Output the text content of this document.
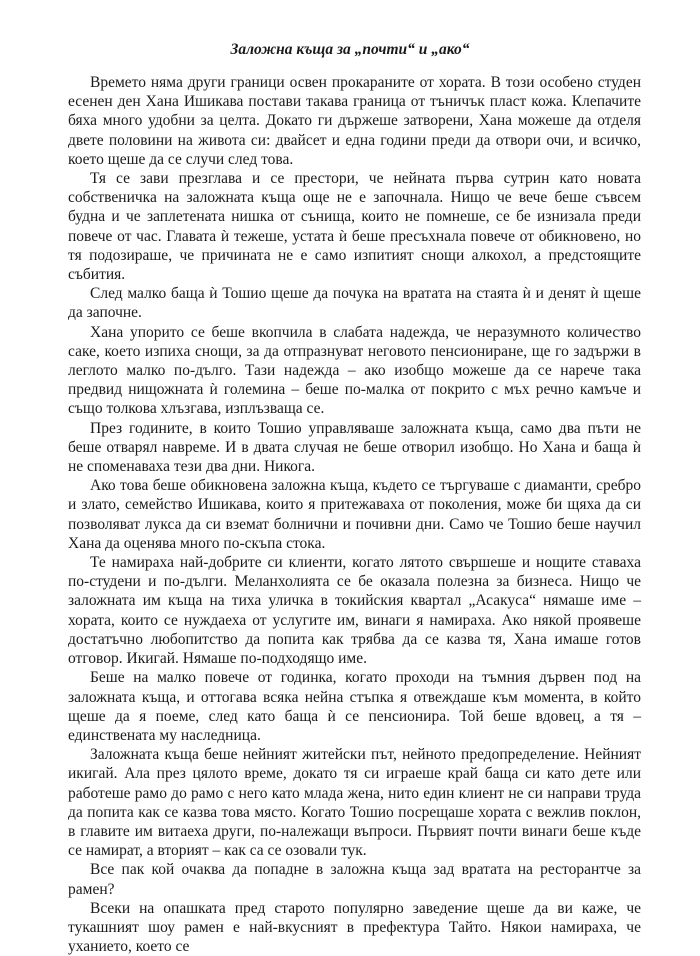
Заложна къща за „почти“ и „ако“

Времето няма други граници освен прокараните от хората. В този особено студен есенен ден Хана Ишикава постави такава граница от тъничък пласт кожа. Клепачите бяха много удобни за целта. Докато ги държеше затворени, Хана можеше да отделя двете половини на живота си: двайсет и една години преди да отвори очи, и всичко, което щеше да се случи след това.

Тя се зави презглава и се престори, че нейната първа сутрин като новата собственичка на заложната къща още не е започнала. Нищо че вече беше съвсем будна и че заплетената нишка от сънища, които не помнеше, се бе изнизала преди повече от час. Главата ѝ тежеше, устата ѝ беше пресъхнала повече от обикновено, но тя подозираше, че причината не е само изпитият снощи алкохол, а предстоящите събития.

След малко баща ѝ Тошио щеше да почука на вратата на стаята ѝ и денят ѝ щеше да започне.

Хана упорито се беше вкопчила в слабата надежда, че неразумното количество саке, което изпиха снощи, за да отпразнуват неговото пенсиониране, ще го задържи в леглото малко по-дълго. Тази надежда – ако изобщо можеше да се нарече така предвид нищожната ѝ големина – беше по-малка от покрито с мъх речно камъче и също толкова хлъзгава, изплъзваща се.

През годините, в които Тошио управляваше заложната къща, само два пъти не беше отварял навреме. И в двата случая не беше отворил изобщо. Но Хана и баща ѝ не споменаваха тези два дни. Никога.

Ако това беше обикновена заложна къща, където се търгуваше с диаманти, сребро и злато, семейство Ишикава, които я притежаваха от поколения, може би щяха да си позволяват лукса да си вземат болнични и почивни дни. Само че Тошио беше научил Хана да оценява много по-скъпа стока.

Те намираха най-добрите си клиенти, когато лятото свършеше и нощите ставаха по-студени и по-дълги. Меланхолията се бе оказала полезна за бизнеса. Нищо че заложната им къща на тиха уличка в токийския квартал „Асакуса“ нямаше име – хората, които се нуждаеха от услугите им, винаги я намираха. Ако някой проявеше достатъчно любопитство да попита как трябва да се казва тя, Хана имаше готов отговор. Икигай. Нямаше по-подходящо име.

Беше на малко повече от годинка, когато проходи на тъмния дървен под на заложната къща, и оттогава всяка нейна стъпка я отвеждаше към момента, в който щеше да я поеме, след като баща ѝ се пенсионира. Той беше вдовец, а тя – единствената му наследница.

Заложната къща беше нейният житейски път, нейното предопределение. Нейният икигай. Ала през цялото време, докато тя си играеше край баща си като дете или работеше рамо до рамо с него като млада жена, нито един клиент не си направи труда да попита как се казва това място. Когато Тошио посрещаше хората с вежлив поклон, в главите им витаеха други, по-належащи въпроси. Първият почти винаги беше къде се намират, а вторият – как са се озовали тук.

Все пак кой очаква да попадне в заложна къща зад вратата на ресторантче за рамен?

Всеки на опашката пред старото популярно заведение щеше да ви каже, че тукашният шоу рамен е най-вкусният в префектура Тайто. Някои намираха, че уханието, което се
